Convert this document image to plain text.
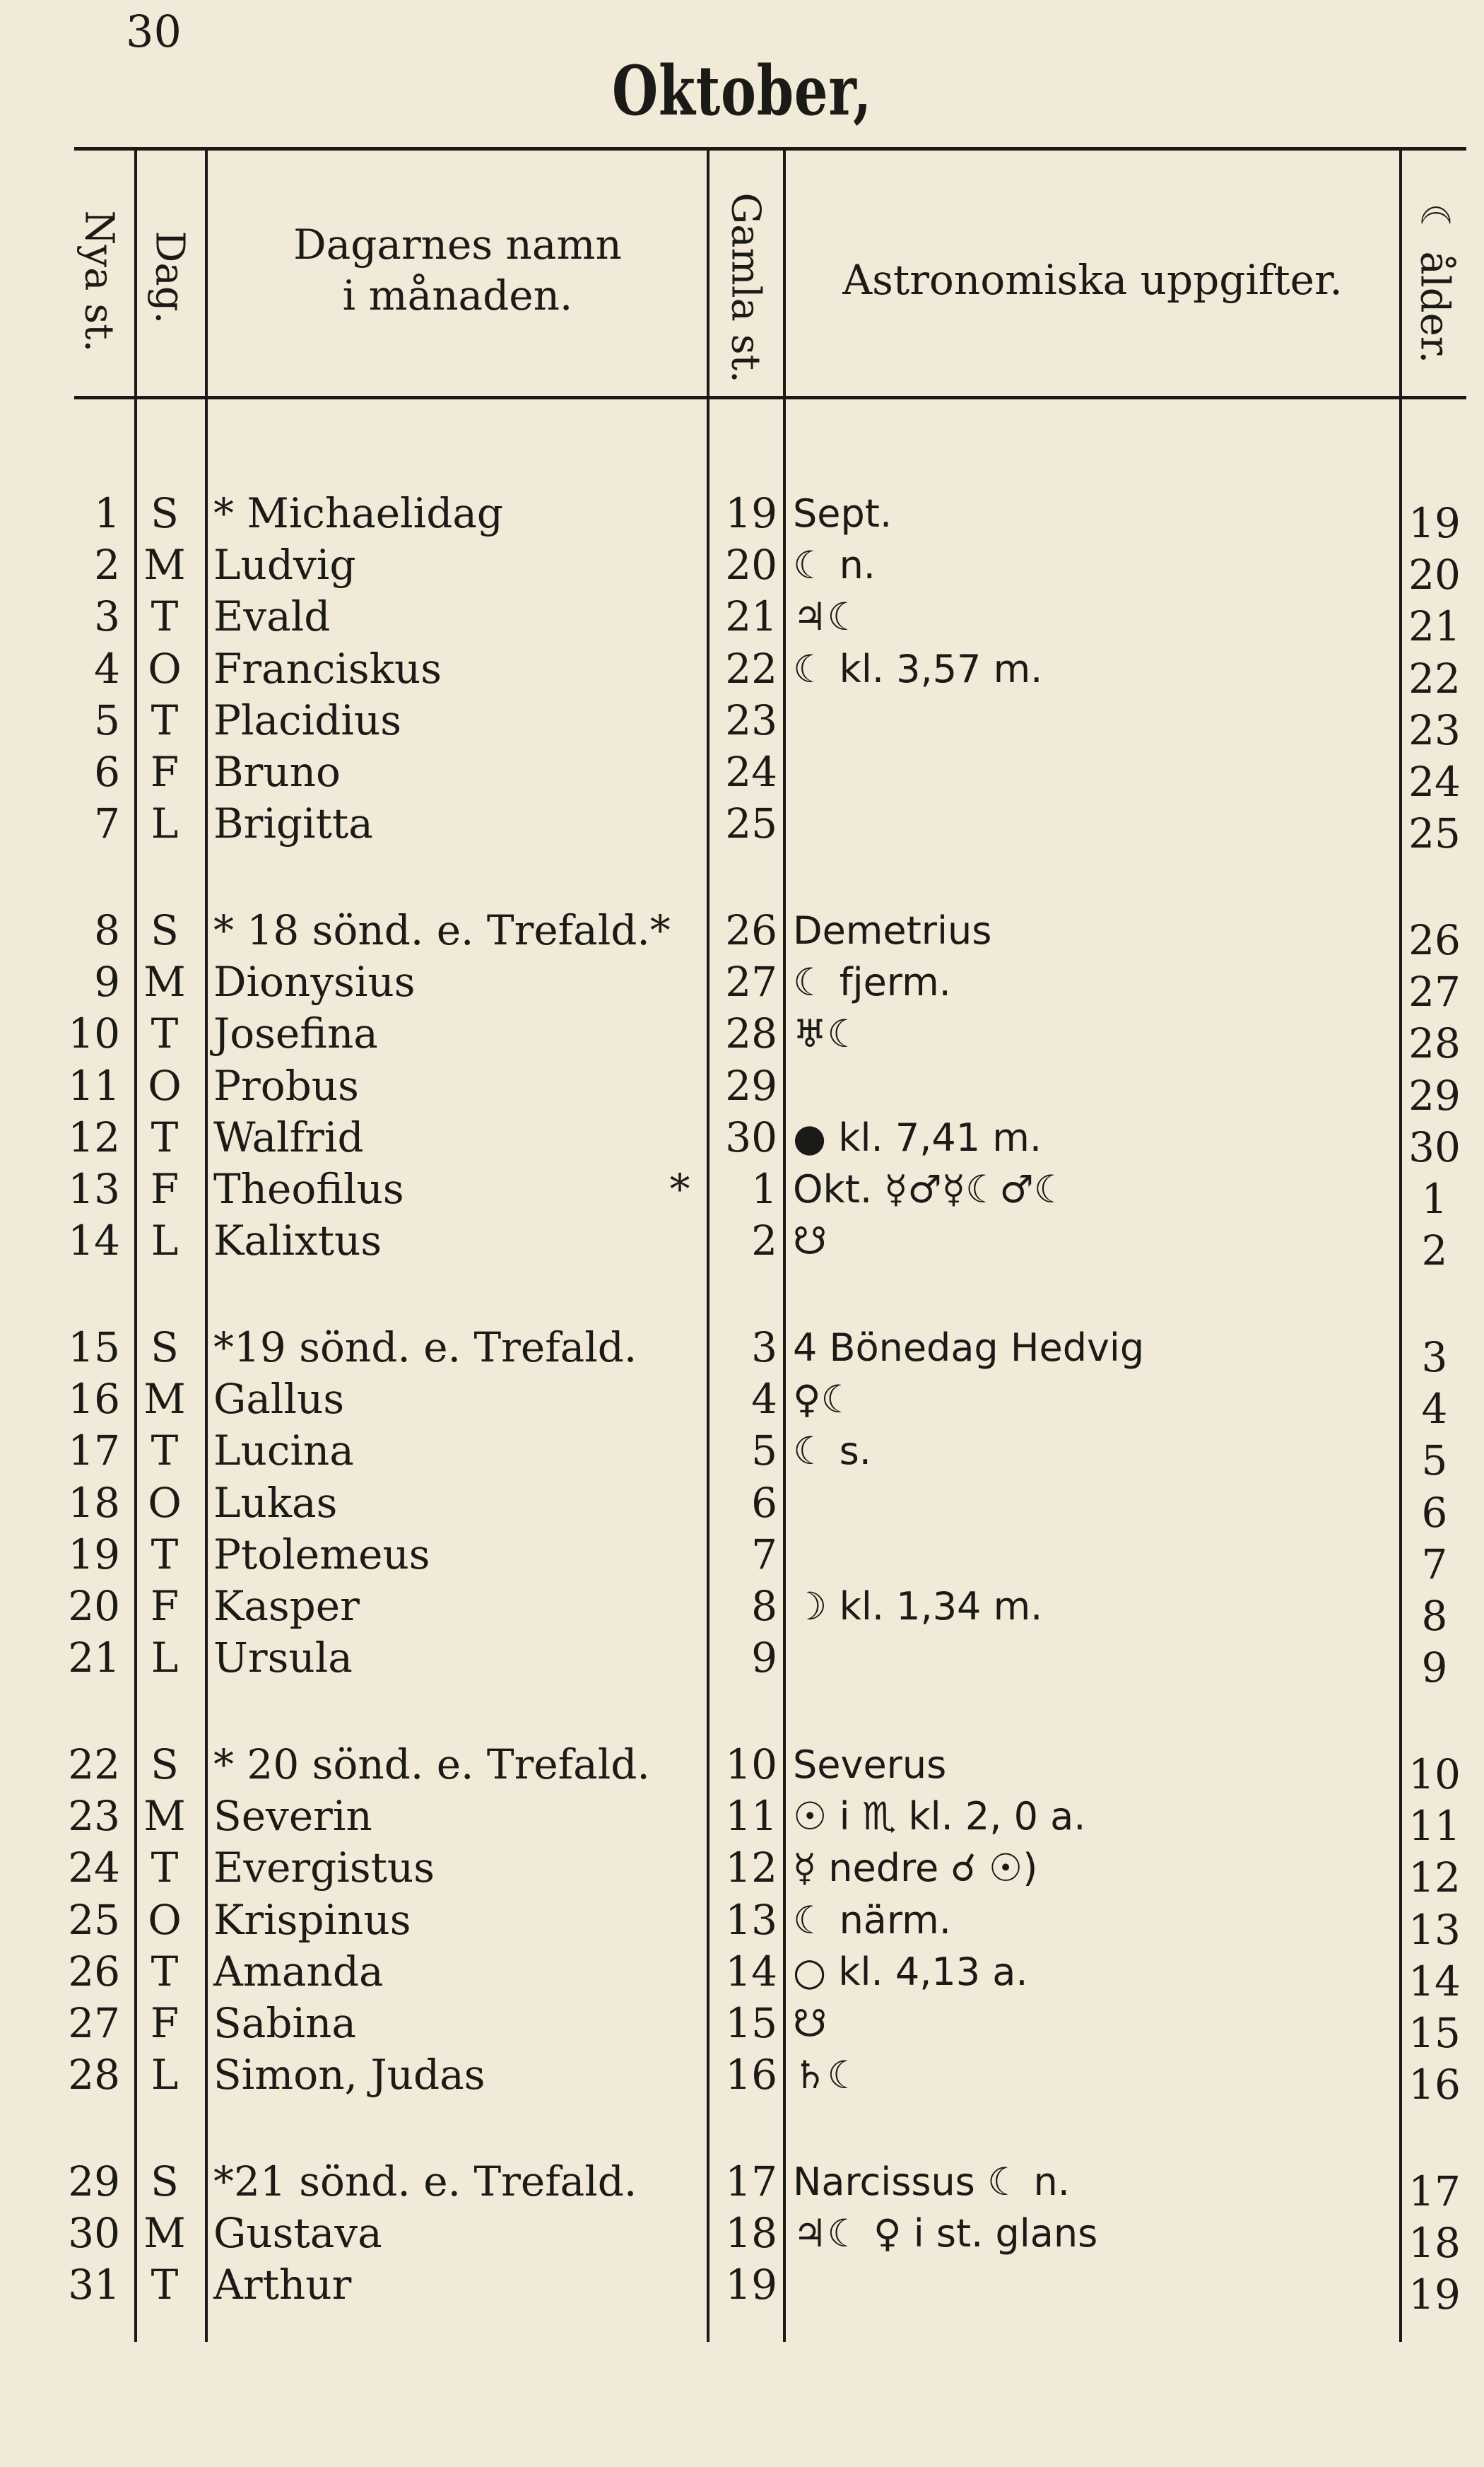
30
Oktober,
Nya st. Dag.	Dagarnes namn
i månaden.	Gamla st.	Astronomiska uppgifter.	☾ ålder.
1 S * Michaelidag	19 Sept.	19
2 M Ludvig	20 ☾ n.	20
3 T Evald	21 ♃☾	21
4 O Franciskus	22 ☾ kl. 3,57 m.	22
5 T Placidius	23	23
6 F Bruno	24	24
7 L Brigitta	25	25
8 S * 18 sönd. e. Trefald.*	26 Demetrius	26
9 M Dionysius	27 ☾ fjerm.	27
10 T Josefina	28 ♅☾	28
11 O Probus	29	29
12 T Walfrid	30 ● kl. 7,41 m.	30
13 F Theofilus	*	1 Okt. ☿♂☿☾♂☾	1
14 L Kalixtus	2 ☋	2
15 S *19 sönd. e. Trefald.	3 4 Bönedag Hedvig	3
16 M Gallus	4 ♀☾	4
17 T Lucina	5 ☾ s.	5
18 O Lukas	6	6
19 T Ptolemeus	7	7
20 F Kasper	8 ☽ kl. 1,34 m.	8
21 L Ursula	9	9
22 S * 20 sönd. e. Trefald.	10 Severus	10
23 M Severin	11 ☉ i ♏ kl. 2, 0 a.	11
24 T Evergistus	12 ☿ nedre ☌ ☉)	12
25 O Krispinus	13 ☾ närm.	13
26 T Amanda	14 ○ kl. 4,13 a.	14
27 F Sabina	15 ☋	15
28 L Simon, Judas	16 ♄☾	16
29 S *21 sönd. e. Trefald.	17 Narcissus ☾ n.	17
30 M Gustava	18 ♃☾ ♀ i st. glans	18
31 T Arthur	19	19
